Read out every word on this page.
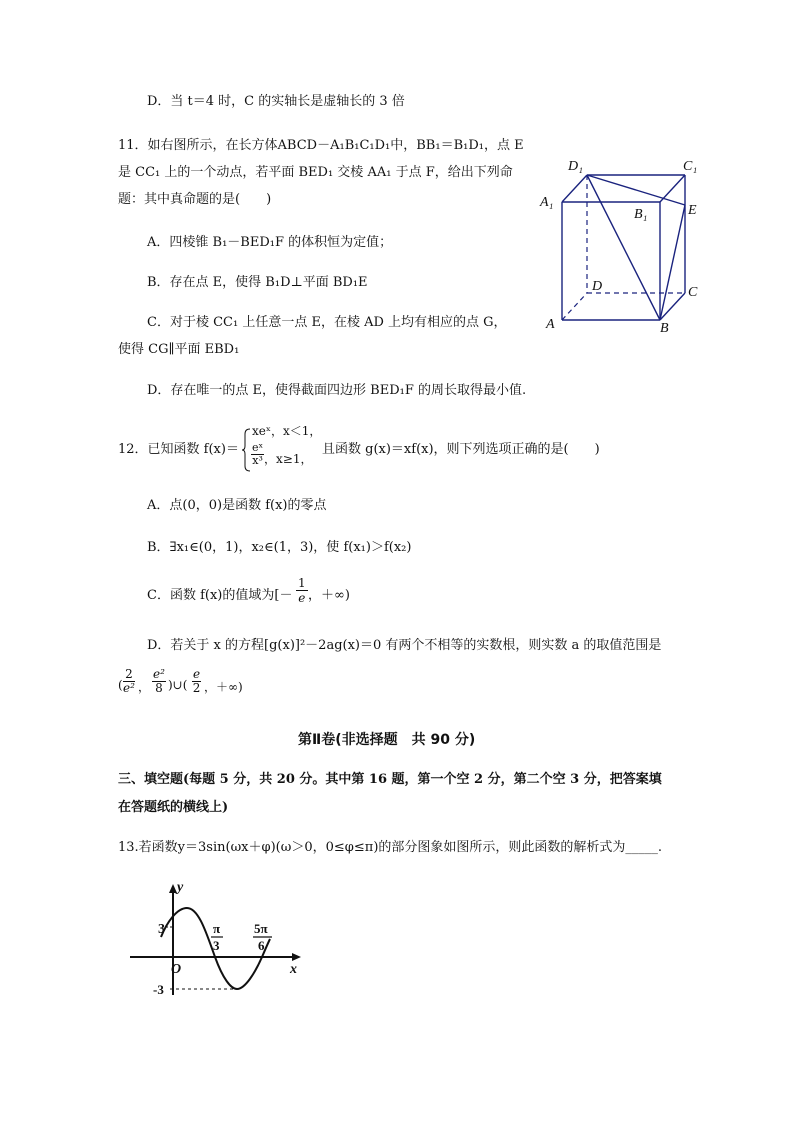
D．当 t＝4 时，C 的实轴长是虚轴长的 3 倍
11．如右图所示，在长方体ABCD－A₁B₁C₁D₁中，BB₁＝B₁D₁，点 E
是 CC₁ 上的一个动点，若平面 BED₁ 交棱 AA₁ 于点 F，给出下列命
题：其中真命题的是(　　)
A．四棱锥 B₁－BED₁F 的体积恒为定值；
B．存在点 E，使得 B₁D⊥平面 BD₁E
C．对于棱 CC₁ 上任意一点 E，在棱 AD 上均有相应的点 G，
使得 CG∥平面 EBD₁
D．存在唯一的点 E，使得截面四边形 BED₁F 的周长取得最小值.
D₁	C₁
A₁
B₁	E
D	C
A	B
12．已知函数 f(x)＝
xeˣ，x＜1，
$\frac{\text{eˣ}}{\text{x³}}$ ，x≥1，
且函数 g(x)＝xf(x)，则下列选项正确的是(　　)
A．点(0，0)是函数 f(x)的零点
B．∃x₁∈(0，1)，x₂∈(1，3)，使 f(x₁)＞f(x₂)
C．函数 f(x)的值域为[－ $\frac{1}{e}$ ，＋∞)
D．若关于 x 的方程[g(x)]²－2ag(x)＝0 有两个不相等的实数根，则实数 a 的取值范围是
(
2
e² ，
e²
8 )∪(
e
2 ，＋∞)
第Ⅱ卷(非选择题　共 90 分)
三、填空题(每题 5 分，共 20 分。其中第 16 题，第一个空 2 分，第二个空 3 分，把答案填
在答题纸的横线上)
13.若函数y＝3sin(ωx＋φ)(ω＞0，0≤φ≤π)的部分图象如图所示，则此函数的解析式为_____.
y
x
O
3
-3
π
3
5π
6
